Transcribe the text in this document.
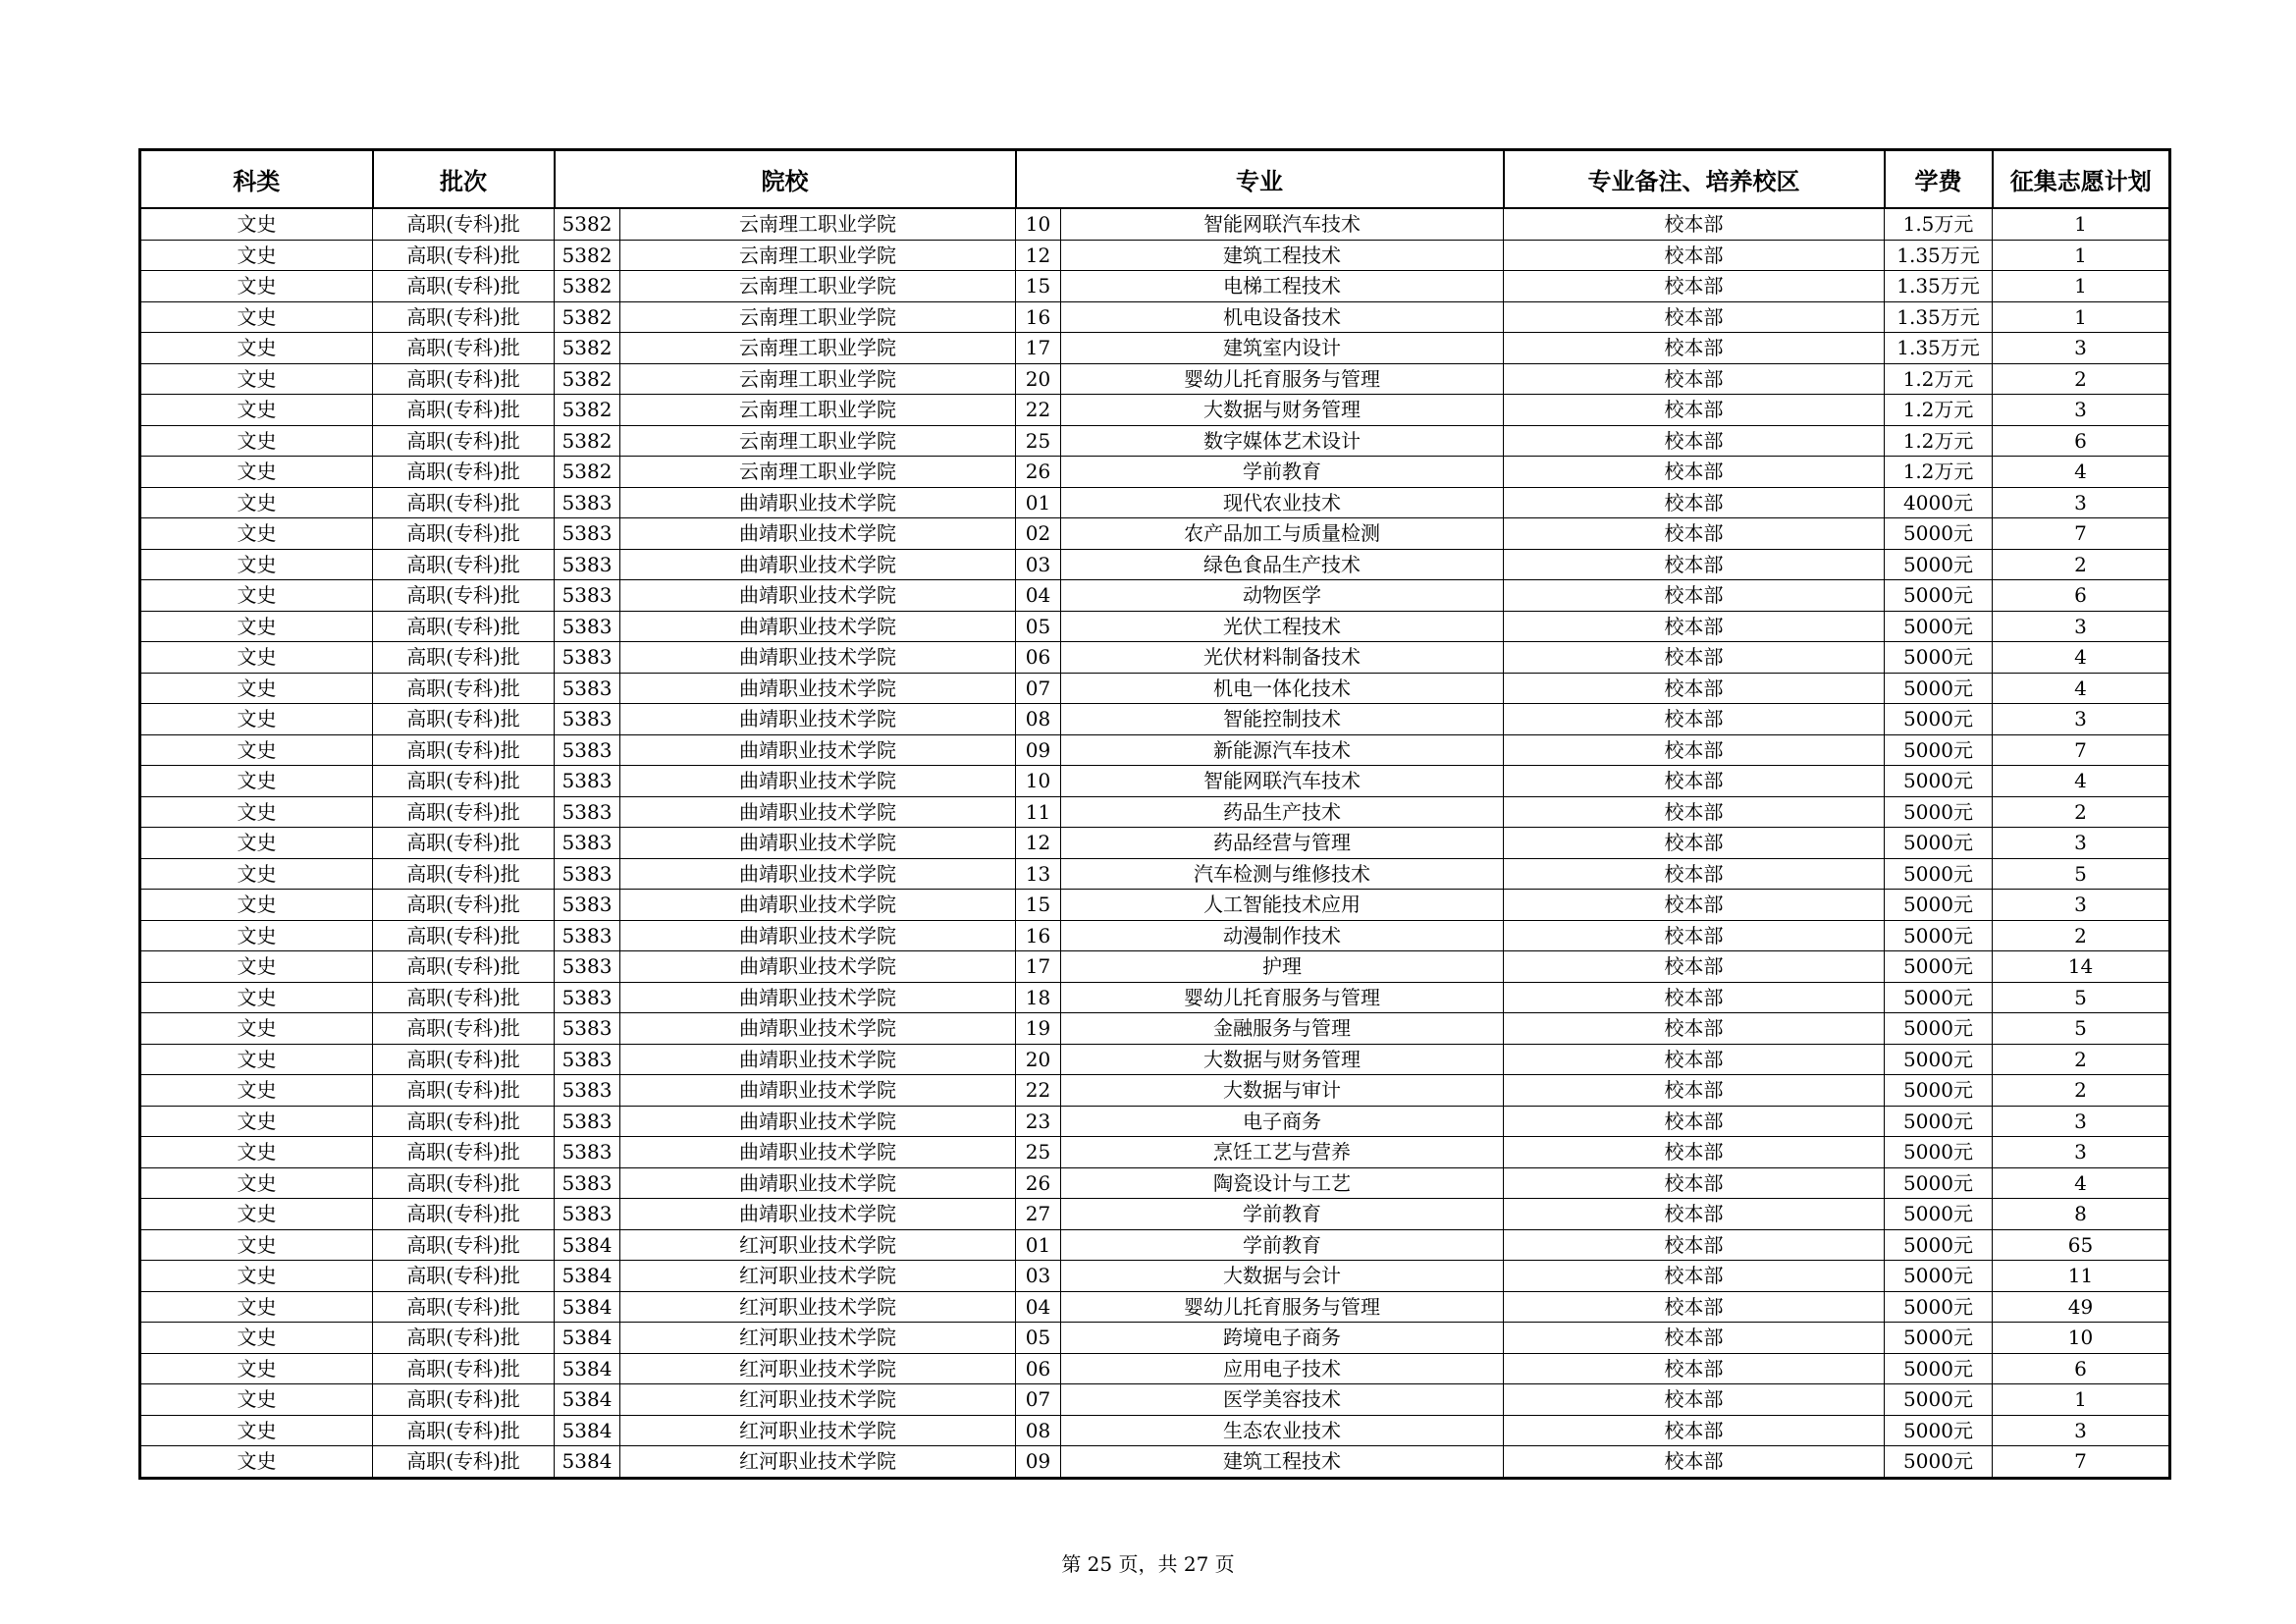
科类	批次	院校		专业		专业备注、培养校区	学费	征集志愿计划
文史	高职(专科)批	5382	云南理工职业学院	10	智能网联汽车技术	校本部	1.5万元	1
文史	高职(专科)批	5382	云南理工职业学院	12	建筑工程技术	校本部	1.35万元	1
文史	高职(专科)批	5382	云南理工职业学院	15	电梯工程技术	校本部	1.35万元	1
文史	高职(专科)批	5382	云南理工职业学院	16	机电设备技术	校本部	1.35万元	1
文史	高职(专科)批	5382	云南理工职业学院	17	建筑室内设计	校本部	1.35万元	3
文史	高职(专科)批	5382	云南理工职业学院	20	婴幼儿托育服务与管理	校本部	1.2万元	2
文史	高职(专科)批	5382	云南理工职业学院	22	大数据与财务管理	校本部	1.2万元	3
文史	高职(专科)批	5382	云南理工职业学院	25	数字媒体艺术设计	校本部	1.2万元	6
文史	高职(专科)批	5382	云南理工职业学院	26	学前教育	校本部	1.2万元	4
文史	高职(专科)批	5383	曲靖职业技术学院	01	现代农业技术	校本部	4000元	3
文史	高职(专科)批	5383	曲靖职业技术学院	02	农产品加工与质量检测	校本部	5000元	7
文史	高职(专科)批	5383	曲靖职业技术学院	03	绿色食品生产技术	校本部	5000元	2
文史	高职(专科)批	5383	曲靖职业技术学院	04	动物医学	校本部	5000元	6
文史	高职(专科)批	5383	曲靖职业技术学院	05	光伏工程技术	校本部	5000元	3
文史	高职(专科)批	5383	曲靖职业技术学院	06	光伏材料制备技术	校本部	5000元	4
文史	高职(专科)批	5383	曲靖职业技术学院	07	机电一体化技术	校本部	5000元	4
文史	高职(专科)批	5383	曲靖职业技术学院	08	智能控制技术	校本部	5000元	3
文史	高职(专科)批	5383	曲靖职业技术学院	09	新能源汽车技术	校本部	5000元	7
文史	高职(专科)批	5383	曲靖职业技术学院	10	智能网联汽车技术	校本部	5000元	4
文史	高职(专科)批	5383	曲靖职业技术学院	11	药品生产技术	校本部	5000元	2
文史	高职(专科)批	5383	曲靖职业技术学院	12	药品经营与管理	校本部	5000元	3
文史	高职(专科)批	5383	曲靖职业技术学院	13	汽车检测与维修技术	校本部	5000元	5
文史	高职(专科)批	5383	曲靖职业技术学院	15	人工智能技术应用	校本部	5000元	3
文史	高职(专科)批	5383	曲靖职业技术学院	16	动漫制作技术	校本部	5000元	2
文史	高职(专科)批	5383	曲靖职业技术学院	17	护理	校本部	5000元	14
文史	高职(专科)批	5383	曲靖职业技术学院	18	婴幼儿托育服务与管理	校本部	5000元	5
文史	高职(专科)批	5383	曲靖职业技术学院	19	金融服务与管理	校本部	5000元	5
文史	高职(专科)批	5383	曲靖职业技术学院	20	大数据与财务管理	校本部	5000元	2
文史	高职(专科)批	5383	曲靖职业技术学院	22	大数据与审计	校本部	5000元	2
文史	高职(专科)批	5383	曲靖职业技术学院	23	电子商务	校本部	5000元	3
文史	高职(专科)批	5383	曲靖职业技术学院	25	烹饪工艺与营养	校本部	5000元	3
文史	高职(专科)批	5383	曲靖职业技术学院	26	陶瓷设计与工艺	校本部	5000元	4
文史	高职(专科)批	5383	曲靖职业技术学院	27	学前教育	校本部	5000元	8
文史	高职(专科)批	5384	红河职业技术学院	01	学前教育	校本部	5000元	65
文史	高职(专科)批	5384	红河职业技术学院	03	大数据与会计	校本部	5000元	11
文史	高职(专科)批	5384	红河职业技术学院	04	婴幼儿托育服务与管理	校本部	5000元	49
文史	高职(专科)批	5384	红河职业技术学院	05	跨境电子商务	校本部	5000元	10
文史	高职(专科)批	5384	红河职业技术学院	06	应用电子技术	校本部	5000元	6
文史	高职(专科)批	5384	红河职业技术学院	07	医学美容技术	校本部	5000元	1
文史	高职(专科)批	5384	红河职业技术学院	08	生态农业技术	校本部	5000元	3
文史	高职(专科)批	5384	红河职业技术学院	09	建筑工程技术	校本部	5000元	7
第 25 页，共 27 页
